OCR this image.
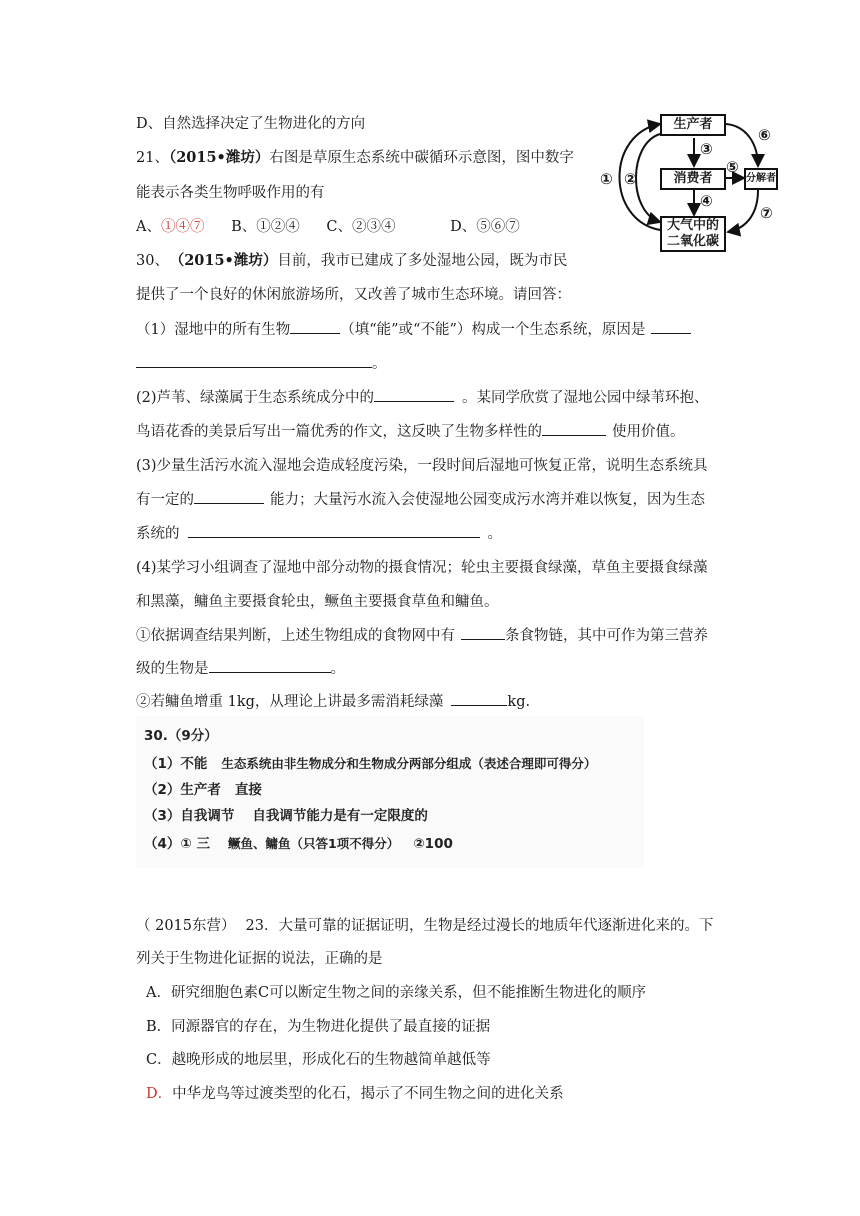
D、自然选择决定了生物进化的方向
21、（2015•潍坊）右图是草原生态系统中碳循环示意图，图中数字
能表示各类生物呼吸作用的有
A、①④⑦ B、①②④ C、②③④	D、⑤⑥⑦
生产者
消费者	分解者
大气中的
二氧化碳
① ②
③
④
⑤
⑥
⑦
30、 （2015•潍坊）目前，我市已建成了多处湿地公园，既为市民
提供了一个良好的休闲旅游场所，又改善了城市生态环境。请回答：
（1）湿地中的所有生物	（填“能”或“不能”）构成一个生态系统，原因是
。
(2)芦苇、绿藻属于生态系统成分中的	。某同学欣赏了湿地公园中绿苇环抱、
鸟语花香的美景后写出一篇优秀的作文，这反映了生物多样性的	使用价值。
(3)少量生活污水流入湿地会造成轻度污染，一段时间后湿地可恢复正常，说明生态系统具
有一定的	能力；大量污水流入会使湿地公园变成污水湾并难以恢复，因为生态
系统的	。
(4)某学习小组调查了湿地中部分动物的摄食情况；轮虫主要摄食绿藻，草鱼主要摄食绿藻
和黑藻，鳙鱼主要摄食轮虫，鳜鱼主要摄食草鱼和鳙鱼。
①依据调查结果判断，上述生物组成的食物网中有	条食物链，其中可作为第三营养
级的生物是	。
②若鳙鱼增重 1kg，从理论上讲最多需消耗绿藻	kg.
30.（9分）
（1）不能 生态系统由非生物成分和生物成分两部分组成（表述合理即可得分）
（2）生产者 直接
（3）自我调节 自我调节能力是有一定限度的
（4）① 三 鳜鱼、鳙鱼（只答1项不得分） ②100
（ 2015东营） 23．大量可靠的证据证明，生物是经过漫长的地质年代逐渐进化来的。下
列关于生物进化证据的说法，正确的是
A．研究细胞色素C可以断定生物之间的亲缘关系，但不能推断生物进化的顺序
B．同源器官的存在，为生物进化提供了最直接的证据
C．越晚形成的地层里，形成化石的生物越简单越低等
D．中华龙鸟等过渡类型的化石，揭示了不同生物之间的进化关系
